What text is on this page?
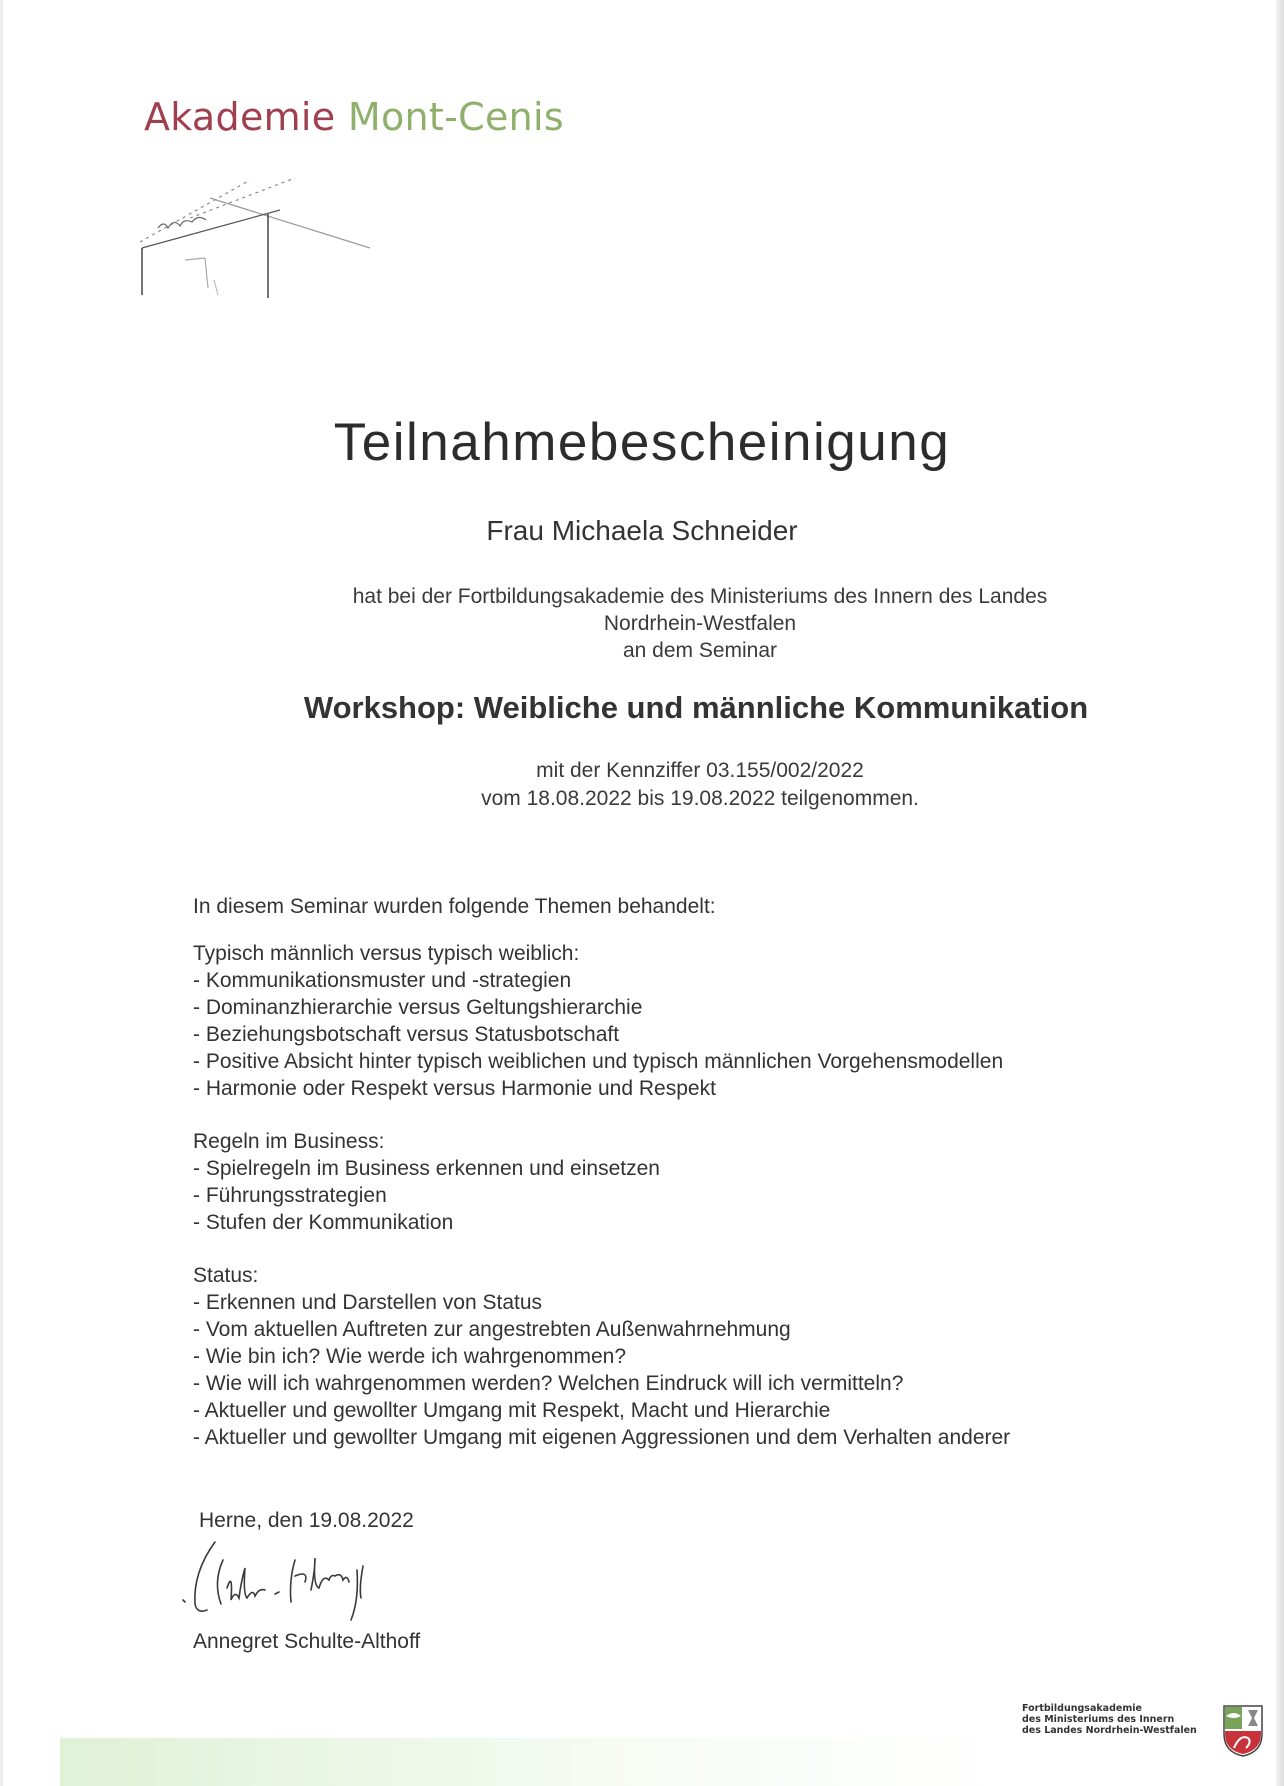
Akademie Mont-Cenis
Teilnahmebescheinigung
Frau Michaela Schneider
hat bei der Fortbildungsakademie des Ministeriums des Innern des Landes
Nordrhein-Westfalen
an dem Seminar
Workshop: Weibliche und männliche Kommunikation
mit der Kennziffer 03.155/002/2022
vom 18.08.2022 bis 19.08.2022 teilgenommen.
In diesem Seminar wurden folgende Themen behandelt:
Typisch männlich versus typisch weiblich:
- Kommunikationsmuster und -strategien
- Dominanzhierarchie versus Geltungshierarchie
- Beziehungsbotschaft versus Statusbotschaft
- Positive Absicht hinter typisch weiblichen und typisch männlichen Vorgehensmodellen
- Harmonie oder Respekt versus Harmonie und Respekt
Regeln im Business:
- Spielregeln im Business erkennen und einsetzen
- Führungsstrategien
- Stufen der Kommunikation
Status:
- Erkennen und Darstellen von Status
- Vom aktuellen Auftreten zur angestrebten Außenwahrnehmung
- Wie bin ich? Wie werde ich wahrgenommen?
- Wie will ich wahrgenommen werden? Welchen Eindruck will ich vermitteln?
- Aktueller und gewollter Umgang mit Respekt, Macht und Hierarchie
- Aktueller und gewollter Umgang mit eigenen Aggressionen und dem Verhalten anderer
Herne, den 19.08.2022
Annegret Schulte-Althoff
Fortbildungsakademie
des Ministeriums des Innern
des Landes Nordrhein-Westfalen
